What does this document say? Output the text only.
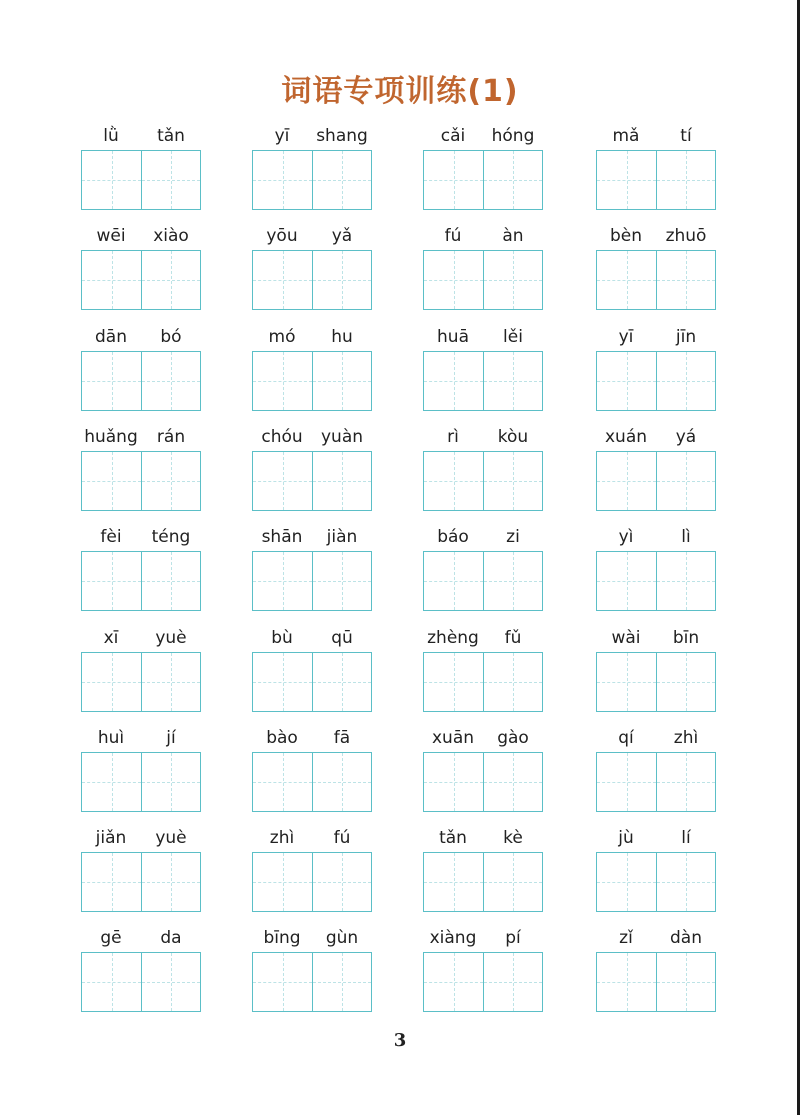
词语专项训练(1)
lǜ	tǎn	yī	shang	cǎi	hóng	mǎ	tí
wēi	xiào	yōu	yǎ	fú	àn	bèn	zhuō
dān	bó	mó	hu	huā	lěi	yī	jīn
huǎng	rán	chóu	yuàn	rì	kòu	xuán	yá
fèi	téng	shān	jiàn	báo	zi	yì	lì
xī	yuè	bù	qū	zhèng	fǔ	wài	bīn
huì	jí	bào	fā	xuān	gào	qí	zhì
jiǎn	yuè	zhì	fú	tǎn	kè	jù	lí
gē	da	bīng	gùn	xiàng	pí	zǐ	dàn
3
